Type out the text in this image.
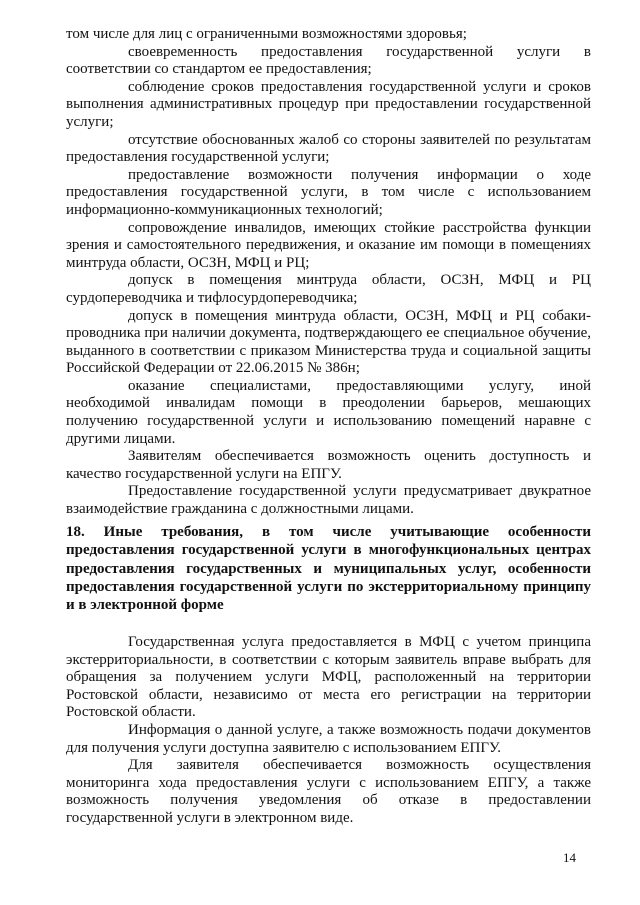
том числе для лиц с ограниченными возможностями здоровья;

своевременность предоставления государственной услуги в соответствии со стандартом ее предоставления;

соблюдение сроков предоставления государственной услуги и сроков выполнения административных процедур при предоставлении государственной услуги;

отсутствие обоснованных жалоб со стороны заявителей по результатам предоставления государственной услуги;

предоставление возможности получения информации о ходе предоставления государственной услуги, в том числе с использованием информационно-коммуникационных технологий;

сопровождение инвалидов, имеющих стойкие расстройства функции зрения и самостоятельного передвижения, и оказание им помощи в помещениях минтруда области, ОСЗН, МФЦ и РЦ;

допуск в помещения минтруда области, ОСЗН, МФЦ и РЦ сурдопереводчика и тифлосурдопереводчика;

допуск в помещения минтруда области, ОСЗН, МФЦ и РЦ собаки-проводника при наличии документа, подтверждающего ее специальное обучение, выданного в соответствии с приказом Министерства труда и социальной защиты Российской Федерации от 22.06.2015 № 386н;

оказание специалистами, предоставляющими услугу, иной необходимой инвалидам помощи в преодолении барьеров, мешающих получению государственной услуги и использованию помещений наравне с другими лицами.

Заявителям обеспечивается возможность оценить доступность и качество государственной услуги на ЕПГУ.

Предоставление государственной услуги предусматривает двукратное взаимодействие гражданина с должностными лицами.

18. Иные требования, в том числе учитывающие особенности предоставления государственной услуги в многофункциональных центрах предоставления государственных и муниципальных услуг, особенности предоставления государственной услуги по экстерриториальному принципу и в электронной форме

Государственная услуга предоставляется в МФЦ с учетом принципа экстерриториальности, в соответствии с которым заявитель вправе выбрать для обращения за получением услуги МФЦ, расположенный на территории Ростовской области, независимо от места его регистрации на территории Ростовской области.

Информация о данной услуге, а также возможность подачи документов для получения услуги доступна заявителю с использованием ЕПГУ.

Для заявителя обеспечивается возможность осуществления мониторинга хода предоставления услуги с использованием ЕПГУ, а также возможность получения уведомления об отказе в предоставлении государственной услуги в электронном виде.

14
